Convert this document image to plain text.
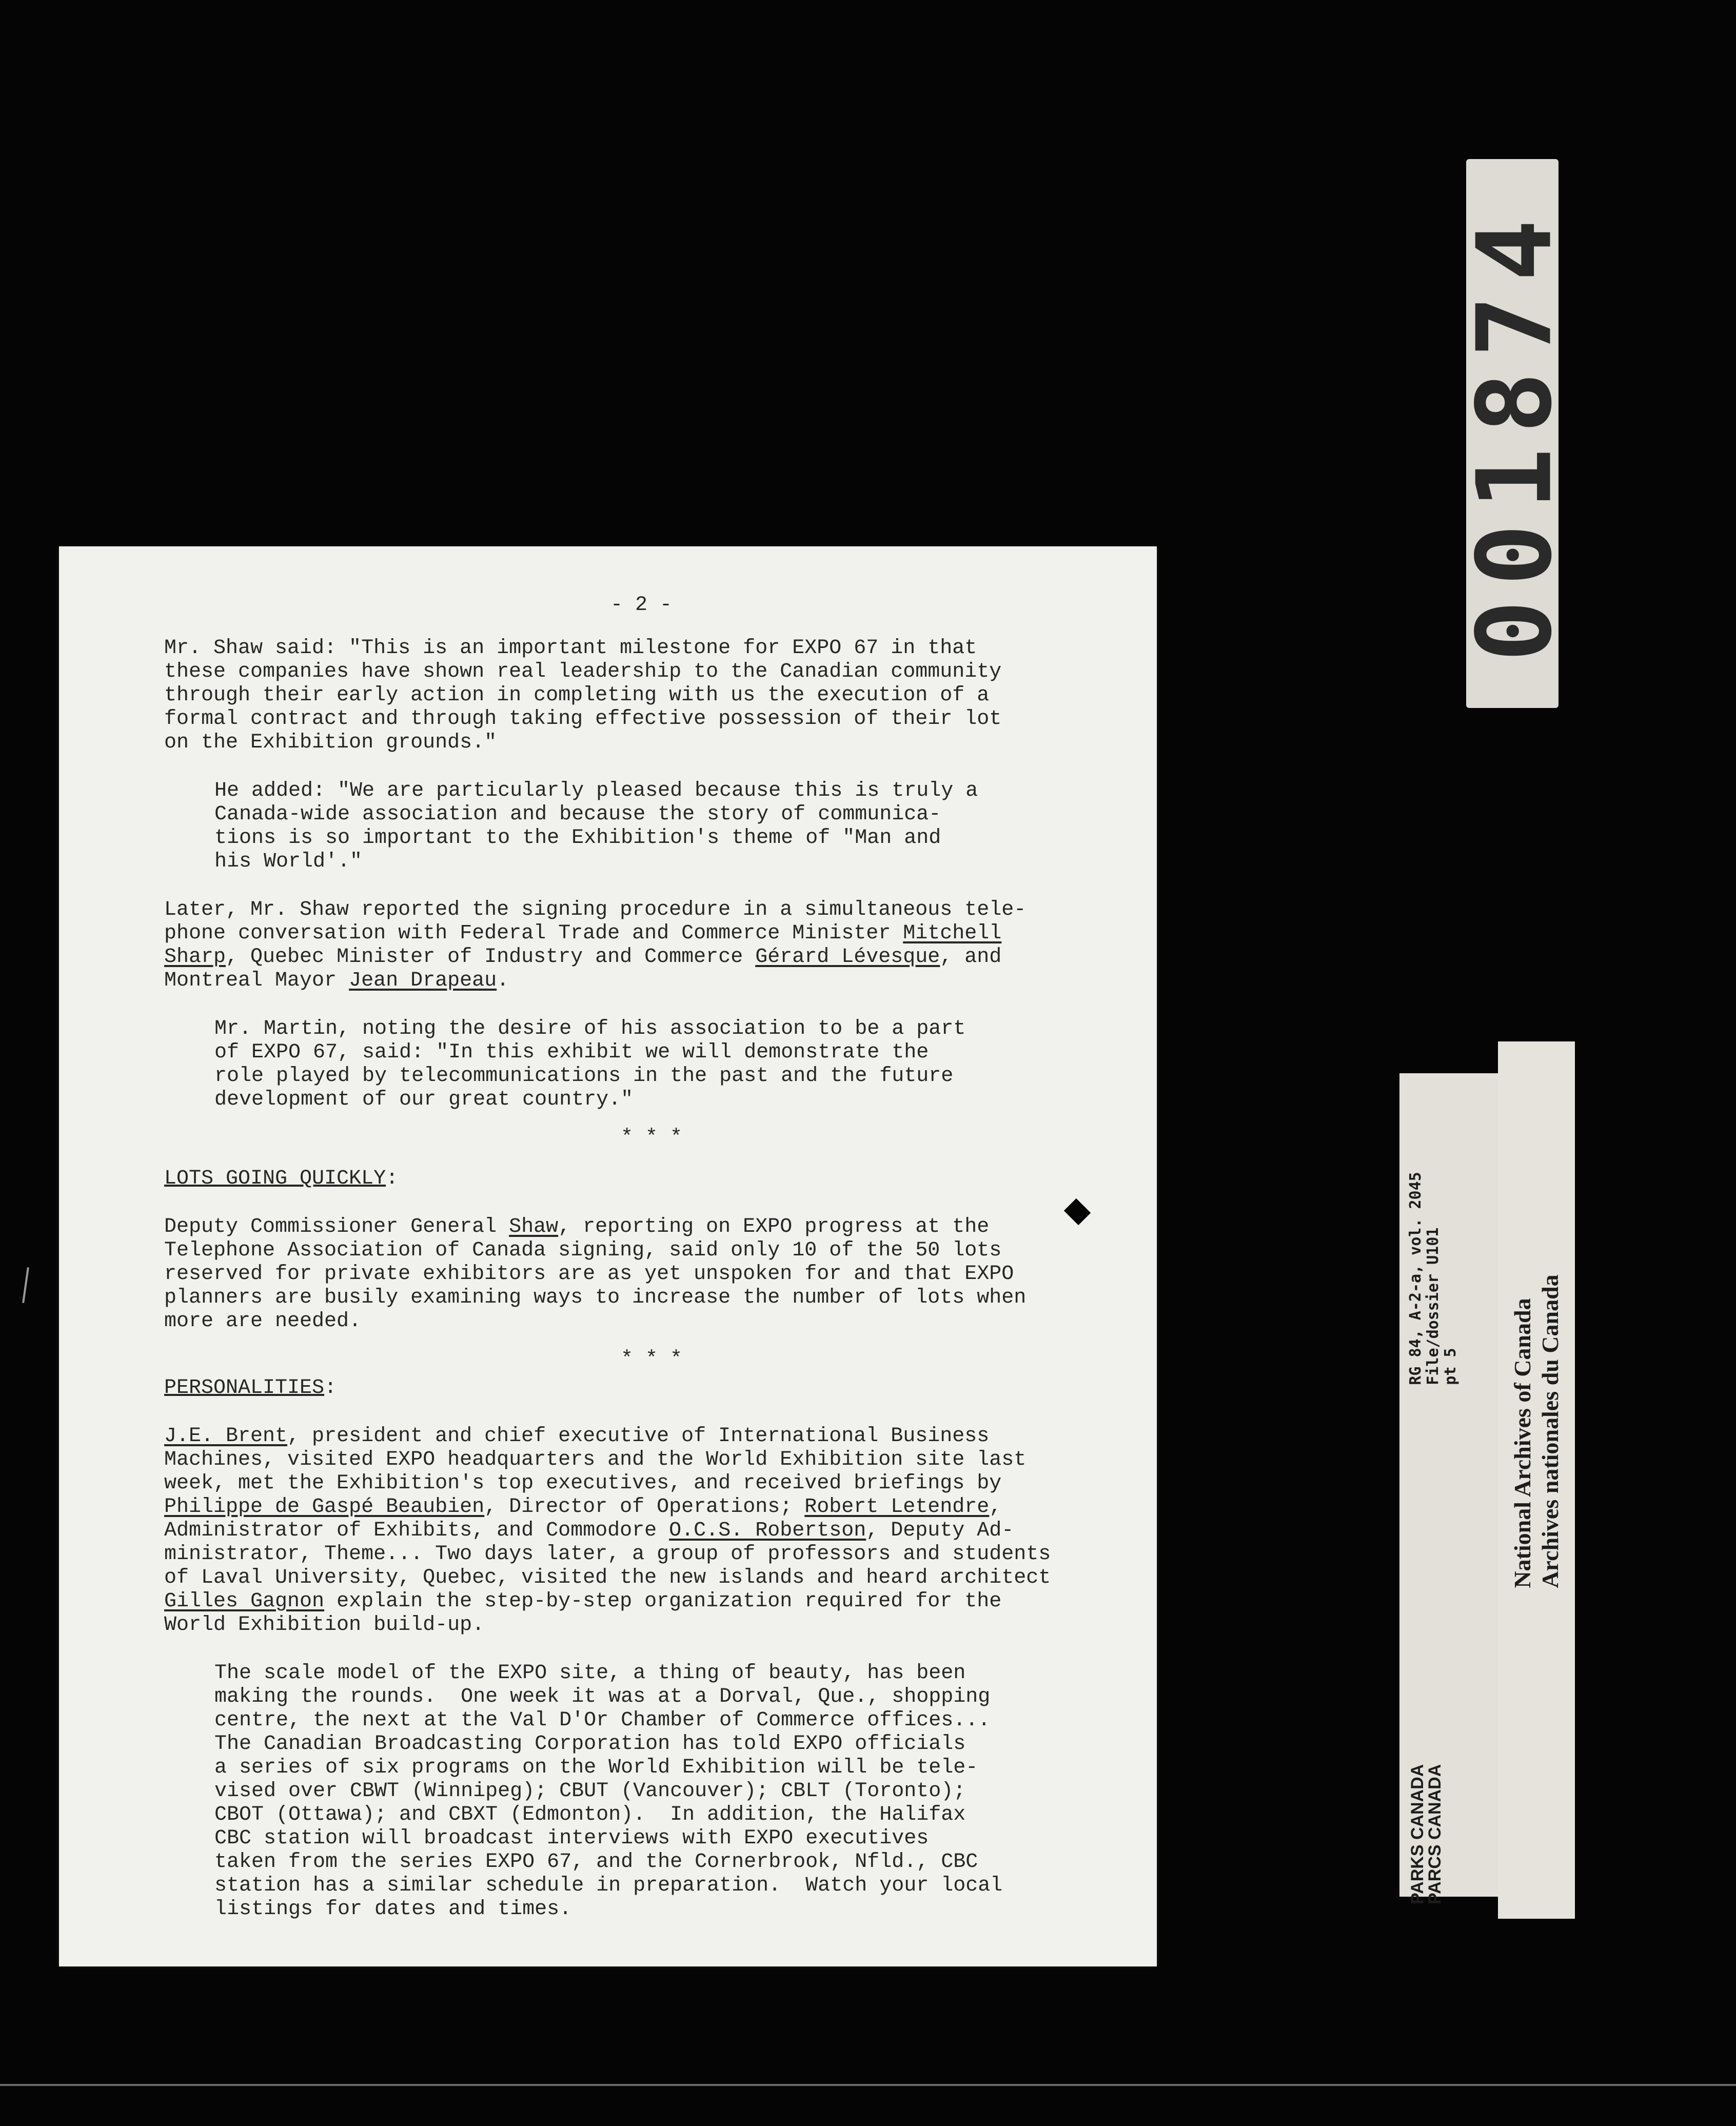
- 2 -

Mr. Shaw said: "This is an important milestone for EXPO 67 in that
these companies have shown real leadership to the Canadian community
through their early action in completing with us the execution of a
formal contract and through taking effective possession of their lot
on the Exhibition grounds."

He added: "We are particularly pleased because this is truly a
Canada-wide association and because the story of communica-
tions is so important to the Exhibition's theme of "Man and
his World'."

Later, Mr. Shaw reported the signing procedure in a simultaneous tele-
phone conversation with Federal Trade and Commerce Minister Mitchell
Sharp, Quebec Minister of Industry and Commerce Gérard Lévesque, and
Montreal Mayor Jean Drapeau.

Mr. Martin, noting the desire of his association to be a part
of EXPO 67, said: "In this exhibit we will demonstrate the
role played by telecommunications in the past and the future
development of our great country."

* * *
LOTS GOING QUICKLY:

Deputy Commissioner General Shaw, reporting on EXPO progress at the
Telephone Association of Canada signing, said only 10 of the 50 lots
reserved for private exhibitors are as yet unspoken for and that EXPO
planners are busily examining ways to increase the number of lots when
more are needed.

* * *
PERSONALITIES:

J.E. Brent, president and chief executive of International Business
Machines, visited EXPO headquarters and the World Exhibition site last
week, met the Exhibition's top executives, and received briefings by
Philippe de Gaspé Beaubien, Director of Operations; Robert Letendre,
Administrator of Exhibits, and Commodore O.C.S. Robertson, Deputy Ad-
ministrator, Theme... Two days later, a group of professors and students
of Laval University, Quebec, visited the new islands and heard architect
Gilles Gagnon explain the step-by-step organization required for the
World Exhibition build-up.

The scale model of the EXPO site, a thing of beauty, has been
making the rounds.  One week it was at a Dorval, Que., shopping
centre, the next at the Val D'Or Chamber of Commerce offices...
The Canadian Broadcasting Corporation has told EXPO officials
a series of six programs on the World Exhibition will be tele-
vised over CBWT (Winnipeg); CBUT (Vancouver); CBLT (Toronto);
CBOT (Ottawa); and CBXT (Edmonton).  In addition, the Halifax
CBC station will broadcast interviews with EXPO executives
taken from the series EXPO 67, and the Cornerbrook, Nfld., CBC
station has a similar schedule in preparation.  Watch your local
listings for dates and times.

001874
RG 84, A-2-a, vol. 2045
File/dossier U101
pt 5
PARKS CANADA
PARCS CANADA
National Archives of Canada
Archives nationales du Canada
